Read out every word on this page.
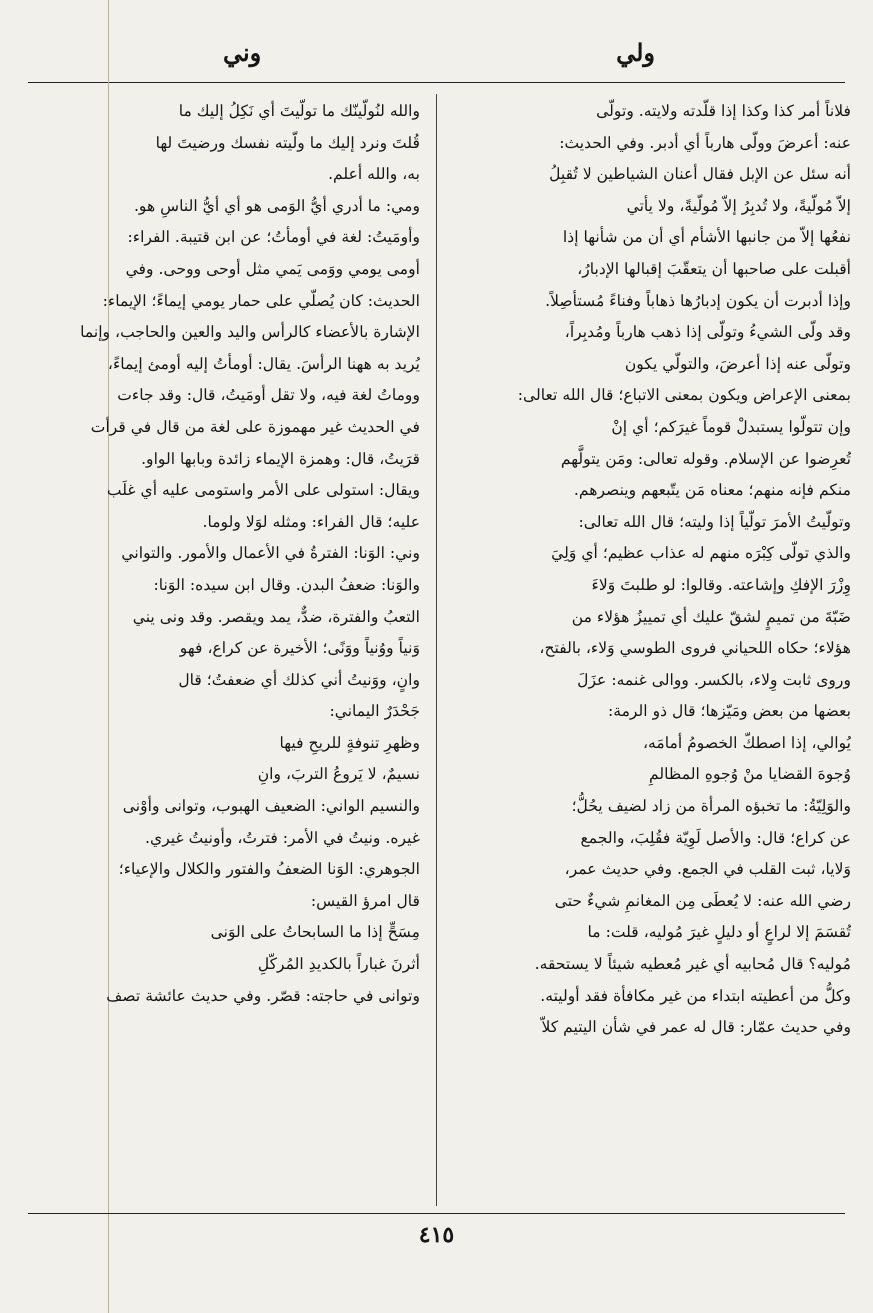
ولي
وني
فلاناً أمر كذا وكذا إذا قلّدته ولايته. وتولّى
عنه: أعرضَ وولّى هارباً أي أدبر. وفي الحديث:
أنه سئل عن الإبل فقال أعنان الشياطين لا تُقبِلُ
إلاّ مُولّيةً، ولا تُدبِرُ إلاّ مُولّيةً، ولا يأتي
نفعُها إلاّ من جانبها الأشأم أي أن من شأنها إذا
أقبلت على صاحبها أن يتعقّبَ إقبالها الإدبارُ،
وإذا أدبرت أن يكون إدبارُها ذهاباً وفناءً مُستأصِلاً.
وقد ولّى الشيءُ وتولّى إذا ذهب هارباً ومُدبِراً،
وتولّى عنه إذا أعرضَ، والتولّي يكون
بمعنى الإعراض ويكون بمعنى الاتباع؛ قال الله تعالى:
وإن تتولّوا يستبدلْ قوماً غيرَكم؛ أي إنْ
تُعرِضوا عن الإسلام. وقوله تعالى: ومَن يتولَّهم
منكم فإنه منهم؛ معناه مَن يتّبعهم وينصرهم.
وتولّيتُ الأمرَ تولّياً إذا وليته؛ قال الله تعالى:
والذي تولّى كِبْرَه منهم له عذاب عظيم؛ أي وَلِيَ
وِزْرَ الإفكِ وإشاعته. وقالوا: لو طلبتَ وَلاءَ
ضَبّةَ من تميمٍ لشقّ عليك أي تمييزُ هؤلاء من
هؤلاء؛ حكاه اللحياني فروى الطوسي وَلاء، بالفتح،
وروى ثابت وِلاء، بالكسر. ووالى غنمه: عزَلَ
بعضها من بعض ومَيّزها؛ قال ذو الرمة:
يُوالي، إذا اصطكّ الخصومُ أمامَه،
وُجوهَ القضايا منْ وُجوهِ المظالمِ
والوَلِيّةُ: ما تخبؤه المرأة من زاد لضيف يحُلُّ؛
عن كراع؛ قال: والأصل لَوِيّة فقُلِبَ، والجمع
وَلايا، ثبت القلب في الجمع. وفي حديث عمر،
رضي الله عنه: لا يُعطَى مِن المغانمِ شيءٌ حتى
تُقسَمَ إلا لراعٍ أو دليلٍ غيرَ مُوليه، قلت: ما
مُوليه؟ قال مُحابيه أي غير مُعطيه شيئاً لا يستحقه.
وكلُّ من أعطيته ابتداء من غير مكافأة فقد أوليته.
وفي حديث عمّار: قال له عمر في شأن اليتيم كلاّ
والله لنُولّينّك ما تولّيتَ أي نَكِلُ إليك ما
قُلتَ ونرد إليك ما ولّيته نفسك ورضيتَ لها
به، والله أعلم.
ومي: ما أدري أيُّ الوَمى هو أي أيُّ الناسِ هو.
وأومَيتُ: لغة في أومأتُ؛ عن ابن قتيبة. الفراء:
أومى يومي ووَمى يَمي مثل أوحى ووحى. وفي
الحديث: كان يُصلّي على حمار يومي إيماءً؛ الإيماء:
الإشارة بالأعضاء كالرأس واليد والعين والحاجب، وإنما
يُريد به ههنا الرأسَ. يقال: أومأتُ إليه أومئ إيماءً،
ووماتُ لغة فيه، ولا تقل أومَيتُ، قال: وقد جاءت
في الحديث غير مهموزة على لغة من قال في قرأت
قرَيتُ، قال: وهمزة الإيماء زائدة وبابها الواو.
ويقال: استولى على الأمر واستومى عليه أي غلَب
عليه؛ قال الفراء: ومثله لوَلا ولوما.
وني: الوَنا: الفترةُ في الأعمال والأمور. والتواني
والوَنا: ضعفُ البدن. وقال ابن سيده: الوَنا:
التعبُ والفترة، ضدٌّ، يمد ويقصر. وقد ونى يني
وَنياً ووُنياً ووَنًى؛ الأخيرة عن كراع، فهو
وانٍ، ووَنيتُ أني كذلك أي ضعفتُ؛ قال
جَحْدَرٌ اليماني:
وظهرِ تنوفةٍ للريحِ فيها
نسيمٌ، لا يَروعُ التربَ، وانِ
والنسيم الواني: الضعيف الهبوب، وتوانى وأوْنى
غيره. ونيتُ في الأمر: فترتُ، وأونيتُ غيري.
الجوهري: الوَنا الضعفُ والفتور والكلال والإعياء؛
قال امرؤ القيس:
مِسَحٍّ إذا ما السابحاتُ على الوَنى
أثرنَ غباراً بالكديدِ المُركّلِ
وتوانى في حاجته: قصّر. وفي حديث عائشة تصف
٤١٥
